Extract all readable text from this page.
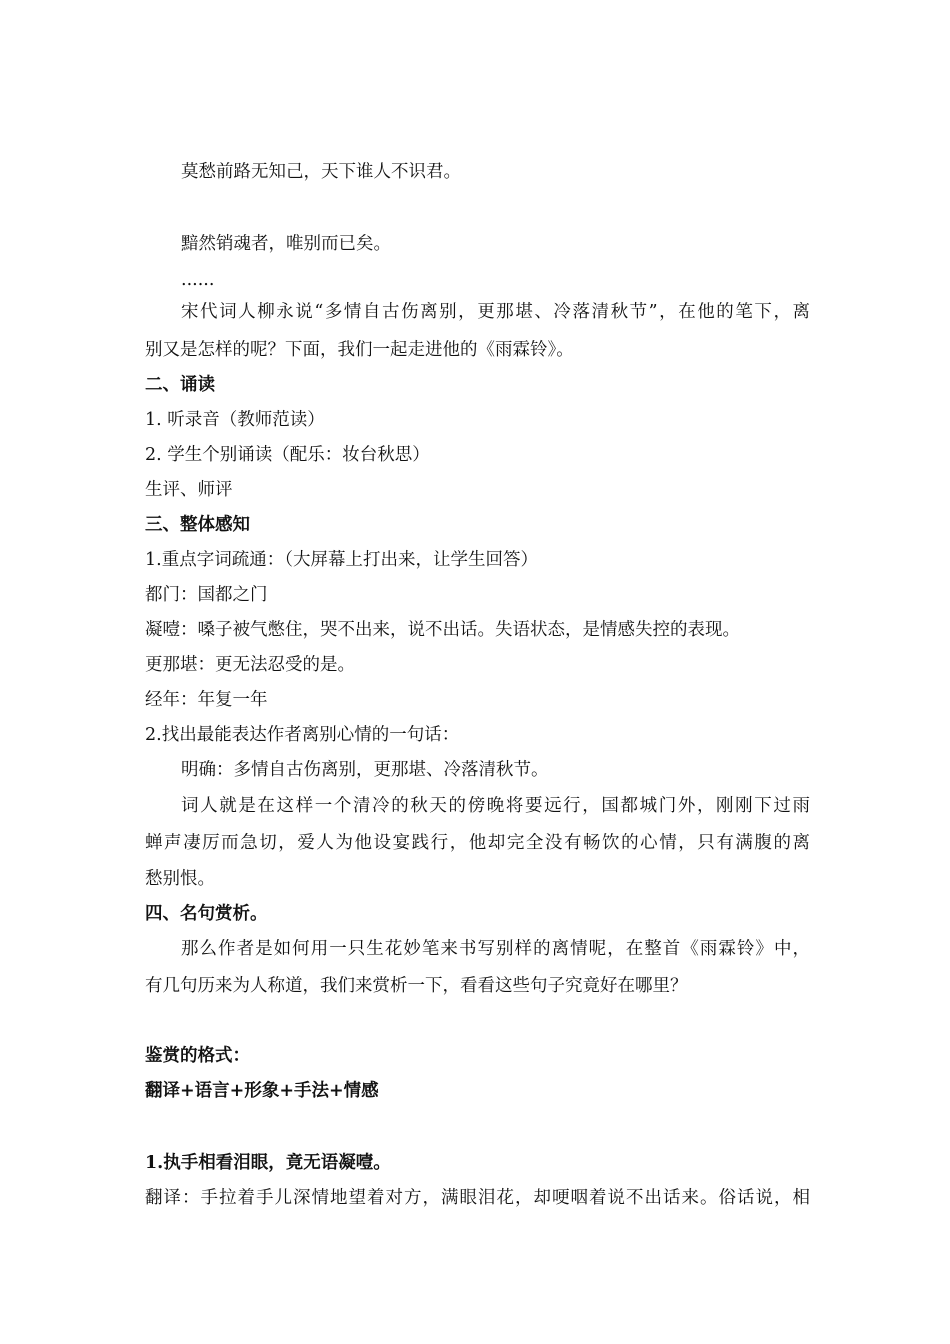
莫愁前路无知己，天下谁人不识君。
黯然销魂者，唯别而已矣。
......
宋代词人柳永说“多情自古伤离别，更那堪、冷落清秋节”，在他的笔下，离
别又是怎样的呢？下面，我们一起走进他的《雨霖铃》。
二、诵读
1. 听录音（教师范读）
2. 学生个别诵读（配乐：妆台秋思）
生评、师评
三、整体感知
1.重点字词疏通：（大屏幕上打出来，让学生回答）
都门：国都之门
凝噎：嗓子被气憋住，哭不出来，说不出话。失语状态，是情感失控的表现。
更那堪：更无法忍受的是。
经年：年复一年
2.找出最能表达作者离别心情的一句话：
明确：多情自古伤离别，更那堪、冷落清秋节。
词人就是在这样一个清冷的秋天的傍晚将要远行，国都城门外，刚刚下过雨
蝉声凄厉而急切，爱人为他设宴践行，他却完全没有畅饮的心情，只有满腹的离
愁别恨。
四、名句赏析。
那么作者是如何用一只生花妙笔来书写别样的离情呢，在整首《雨霖铃》中，
有几句历来为人称道，我们来赏析一下，看看这些句子究竟好在哪里？
鉴赏的格式：
翻译+语言+形象+手法+情感
1.执手相看泪眼，竟无语凝噎。
翻译：手拉着手儿深情地望着对方，满眼泪花，却哽咽着说不出话来。俗话说，相
